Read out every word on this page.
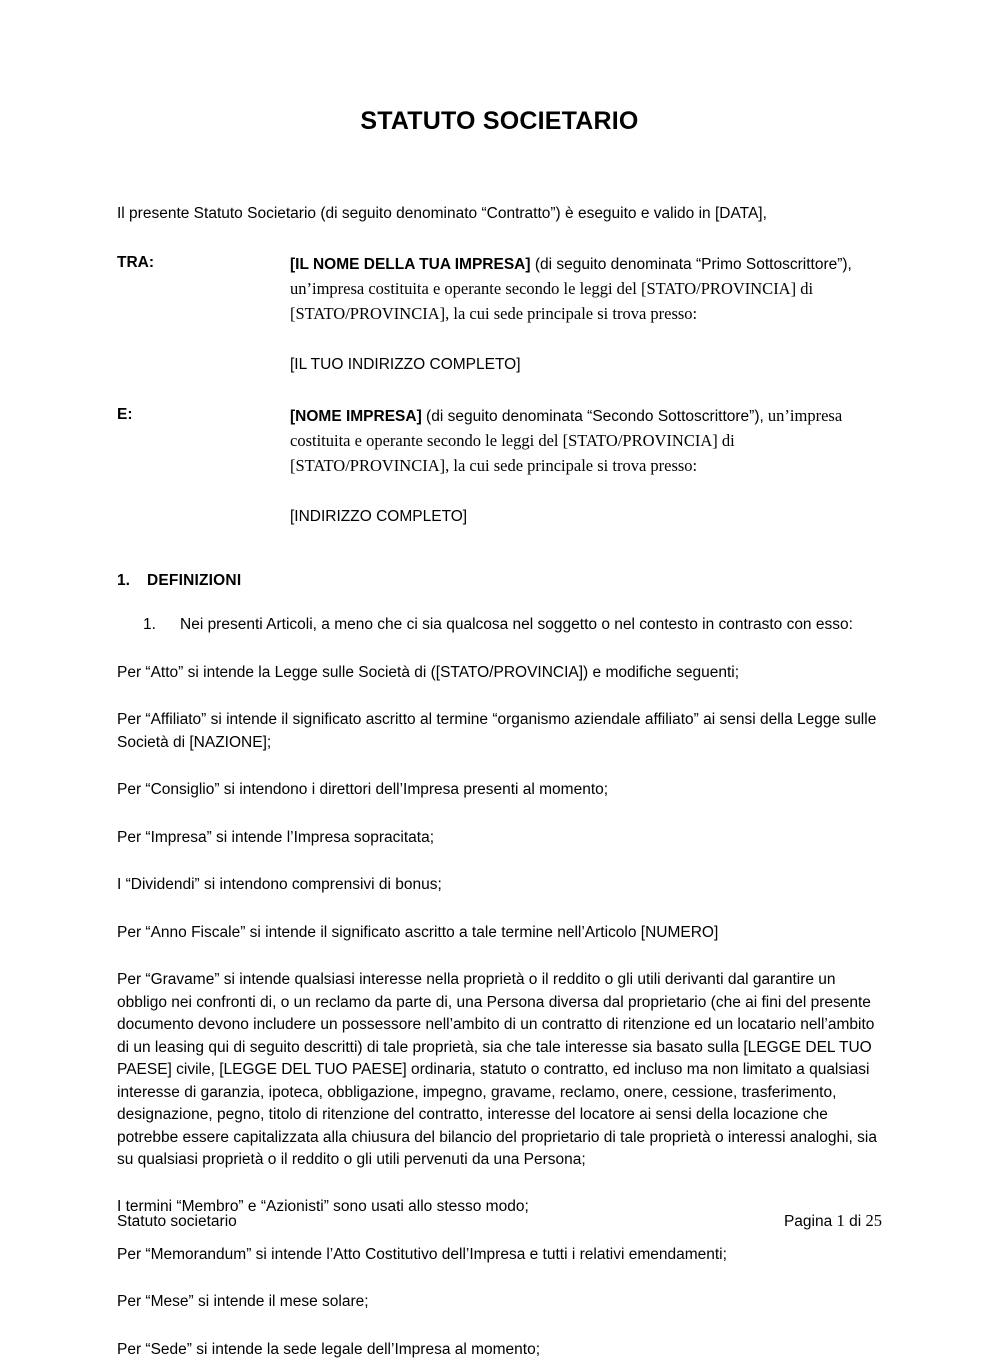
STATUTO SOCIETARIO

Il presente Statuto Societario (di seguito denominato “Contratto”) è eseguito e valido in [DATA],

TRA:	[IL NOME DELLA TUA IMPRESA] (di seguito denominata “Primo Sottoscrittore”), un’impresa costituita e operante secondo le leggi del [STATO/PROVINCIA] di [STATO/PROVINCIA], la cui sede principale si trova presso:
[IL TUO INDIRIZZO COMPLETO]
E:	[NOME IMPRESA] (di seguito denominata “Secondo Sottoscrittore”), un’impresa costituita e operante secondo le leggi del [STATO/PROVINCIA] di [STATO/PROVINCIA], la cui sede principale si trova presso:
[INDIRIZZO COMPLETO]
1.	DEFINIZIONI
1.	Nei presenti Articoli, a meno che ci sia qualcosa nel soggetto o nel contesto in contrasto con esso:

Per “Atto” si intende la Legge sulle Società di ([STATO/PROVINCIA]) e modifiche seguenti;

Per “Affiliato” si intende il significato ascritto al termine “organismo aziendale affiliato” ai sensi della Legge sulle Società di [NAZIONE];

Per “Consiglio” si intendono i direttori dell’Impresa presenti al momento;

Per “Impresa” si intende l’Impresa sopracitata;

I “Dividendi” si intendono comprensivi di bonus;

Per “Anno Fiscale” si intende il significato ascritto a tale termine nell’Articolo [NUMERO]

Per “Gravame” si intende qualsiasi interesse nella proprietà o il reddito o gli utili derivanti dal garantire un obbligo nei confronti di, o un reclamo da parte di, una Persona diversa dal proprietario (che ai fini del presente documento devono includere un possessore nell’ambito di un contratto di ritenzione ed un locatario nell’ambito di un leasing qui di seguito descritti) di tale proprietà, sia che tale interesse sia basato sulla [LEGGE DEL TUO PAESE] civile, [LEGGE DEL TUO PAESE] ordinaria, statuto o contratto, ed incluso ma non limitato a qualsiasi interesse di garanzia, ipoteca, obbligazione, impegno, gravame, reclamo, onere, cessione, trasferimento, designazione, pegno, titolo di ritenzione del contratto, interesse del locatore ai sensi della locazione che potrebbe essere capitalizzata alla chiusura del bilancio del proprietario di tale proprietà o interessi analoghi, sia su qualsiasi proprietà o il reddito o gli utili pervenuti da una Persona;

I termini “Membro” e “Azionisti” sono usati allo stesso modo;

Per “Memorandum” si intende l’Atto Costitutivo dell’Impresa e tutti i relativi emendamenti;

Per “Mese” si intende il mese solare;

Per “Sede” si intende la sede legale dell’Impresa al momento;

Statuto societario	Pagina 1 di 25
